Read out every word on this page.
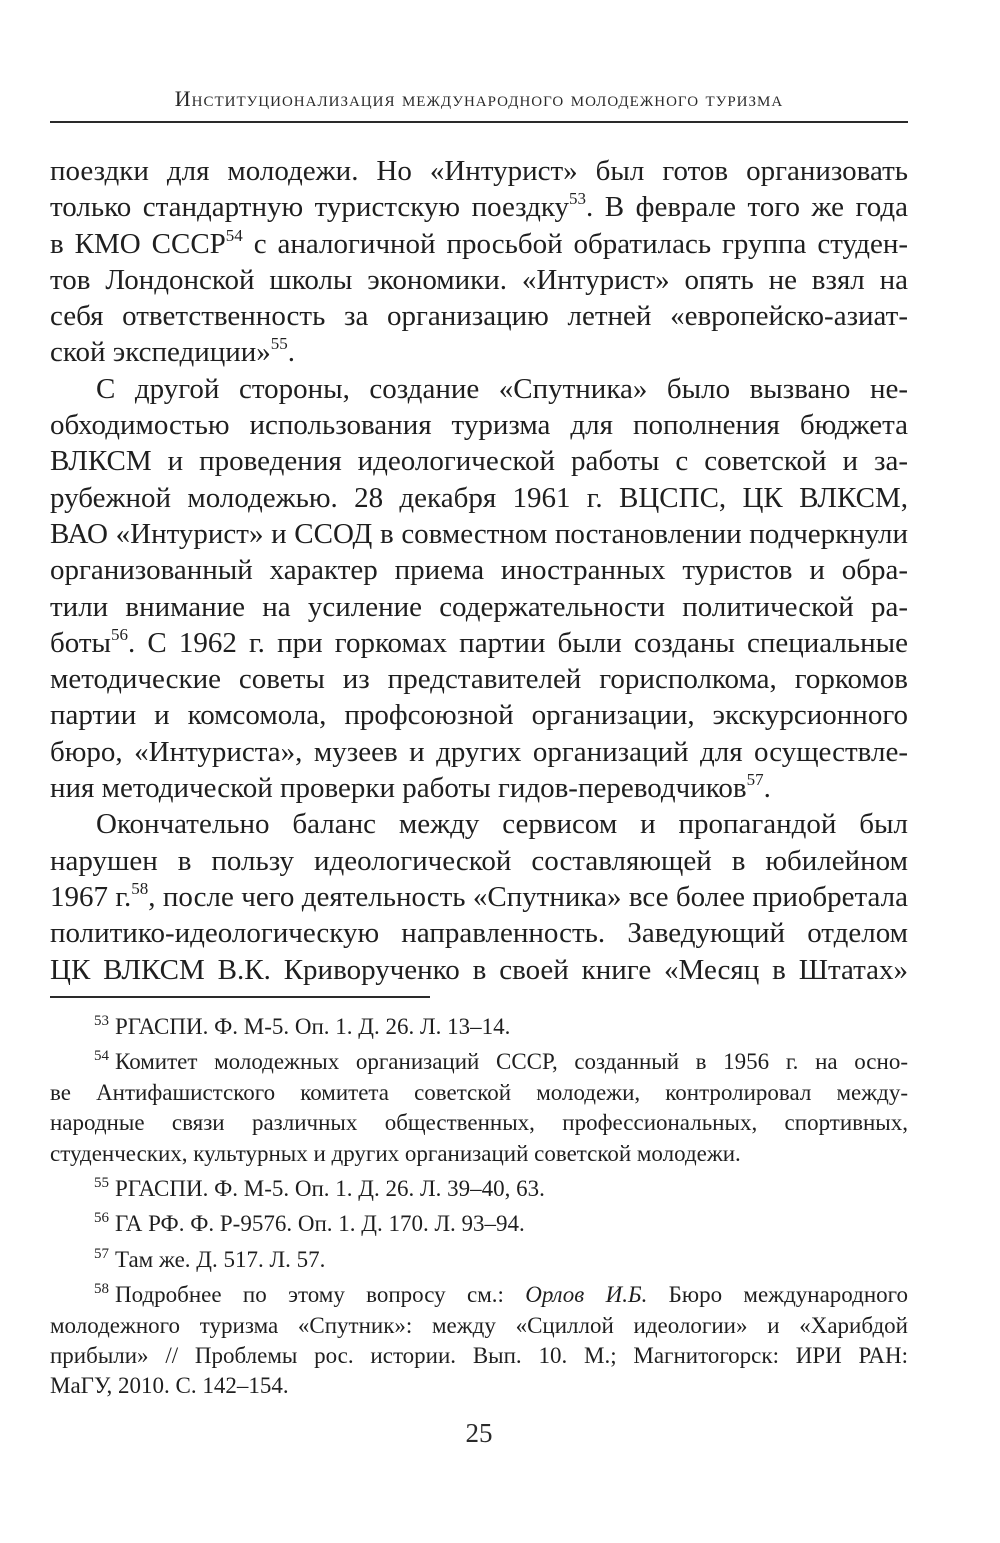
Институционализация международного молодежного туризма

поездки для молодежи. Но «Интурист» был готов организовать
только стандартную туристскую поездку$^{53}$. В феврале того же года
в КМО СССР$^{54}$ с аналогичной просьбой обратилась группа студен-
тов Лондонской школы экономики. «Интурист» опять не взял на
себя ответственность за организацию летней «европейско-азиат-
ской экспедиции»$^{55}$.

С другой стороны, создание «Спутника» было вызвано не-
обходимостью использования туризма для пополнения бюджета
ВЛКСМ и проведения идеологической работы с советской и за-
рубежной молодежью. 28 декабря 1961 г. ВЦСПС, ЦК ВЛКСМ,
ВАО «Интурист» и ССОД в совместном постановлении подчеркнули
организованный характер приема иностранных туристов и обра-
тили внимание на усиление содержательности политической ра-
боты$^{56}$. С 1962 г. при горкомах партии были созданы специальные
методические советы из представителей горисполкома, горкомов
партии и комсомола, профсоюзной организации, экскурсионного
бюро, «Интуриста», музеев и других организаций для осуществле-
ния методической проверки работы гидов-переводчиков$^{57}$.

Окончательно баланс между сервисом и пропагандой был
нарушен в пользу идеологической составляющей в юбилейном
1967 г.$^{58}$, после чего деятельность «Спутника» все более приобретала
политико-идеологическую направленность. Заведующий отделом
ЦК ВЛКСМ В.К. Криворученко в своей книге «Месяц в Штатах»

$^{53}$ РГАСПИ. Ф. М-5. Оп. 1. Д. 26. Л. 13–14.
$^{54}$ Комитет молодежных организаций СССР, созданный в 1956 г. на осно-
ве Антифашистского комитета советской молодежи, контролировал между-
народные связи различных общественных, профессиональных, спортивных,
студенческих, культурных и других организаций советской молодежи.
$^{55}$ РГАСПИ. Ф. М-5. Оп. 1. Д. 26. Л. 39–40, 63.
$^{56}$ ГА РФ. Ф. Р-9576. Оп. 1. Д. 170. Л. 93–94.
$^{57}$ Там же. Д. 517. Л. 57.
$^{58}$ Подробнее по этому вопросу см.: Орлов И.Б. Бюро международного
молодежного туризма «Спутник»: между «Сциллой идеологии» и «Харибдой
прибыли» // Проблемы рос. истории. Вып. 10. М.; Магнитогорск: ИРИ РАН:
МаГУ, 2010. С. 142–154.
25
